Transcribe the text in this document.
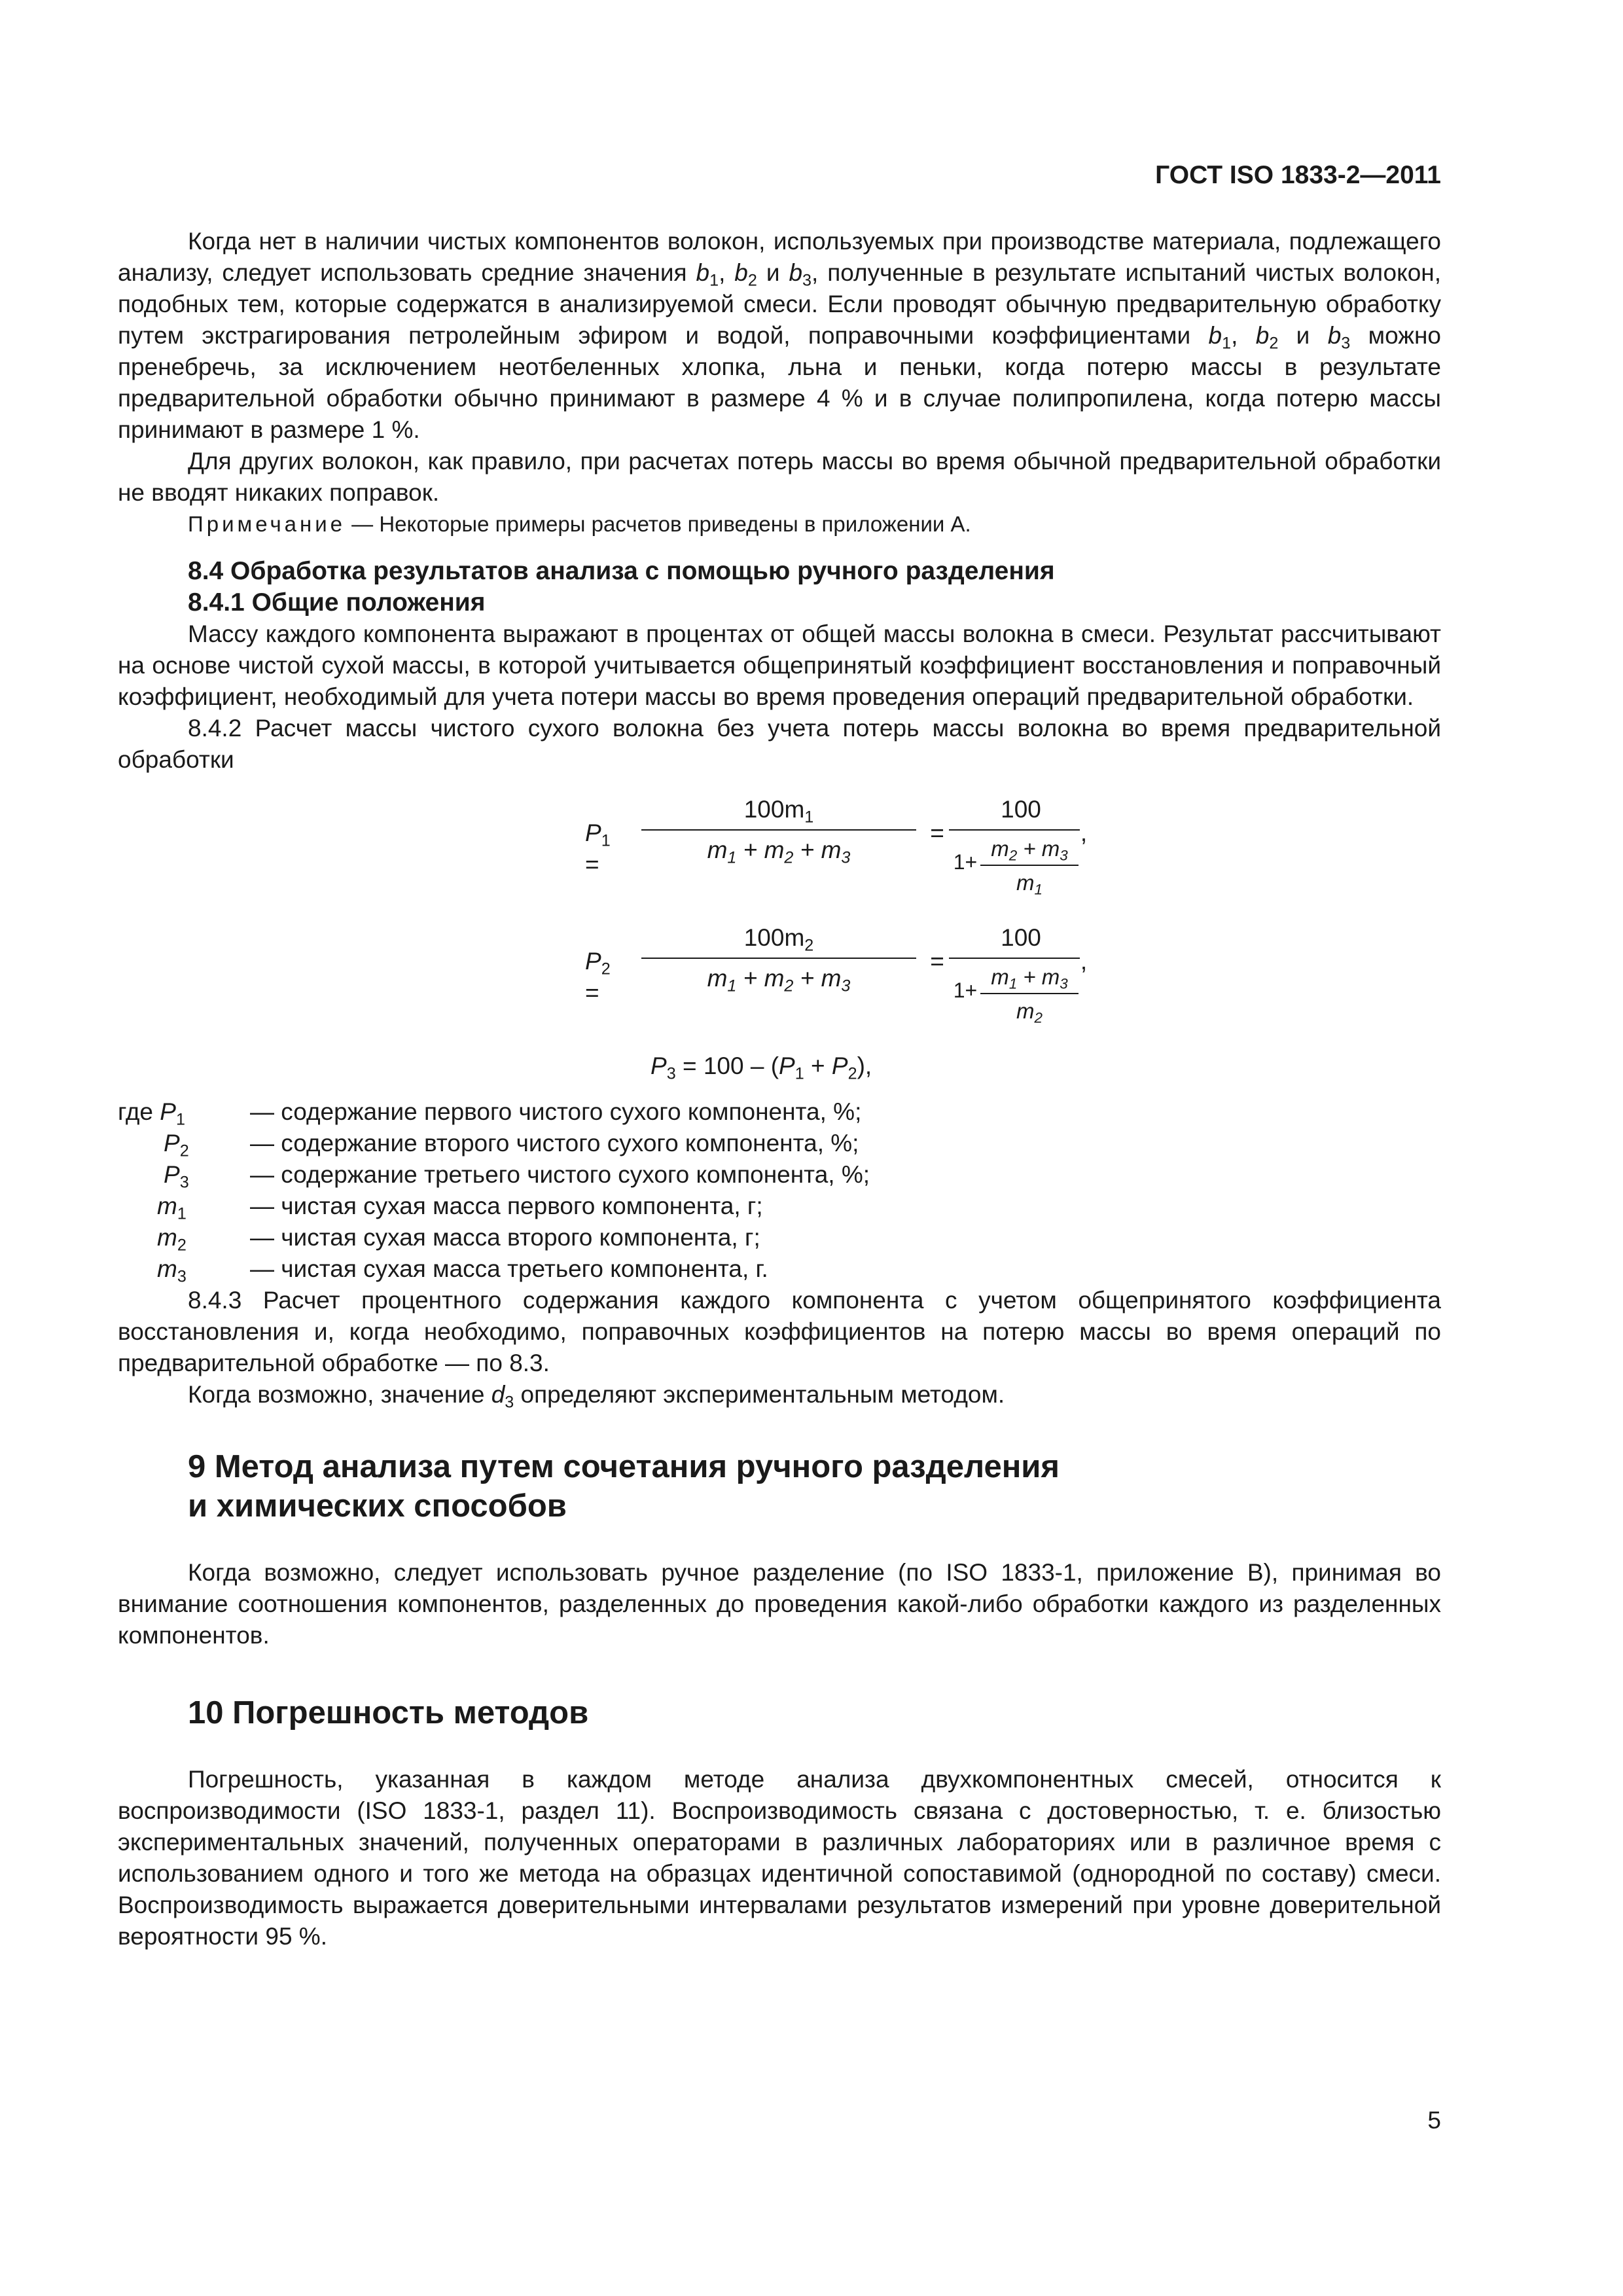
ГОСТ ISO 1833-2—2011

Когда нет в наличии чистых компонентов волокон, используемых при производстве материала, подлежащего анализу, следует использовать средние значения $b_1$, $b_2$ и $b_3$, полученные в результате испытаний чистых волокон, подобных тем, которые содержатся в анализируемой смеси. Если проводят обычную предварительную обработку путем экстрагирования петролейным эфиром и водой, поправочными коэффициентами $b_1$, $b_2$ и $b_3$ можно пренебречь, за исключением неотбеленных хлопка, льна и пеньки, когда потерю массы в результате предварительной обработки обычно принимают в размере 4 % и в случае полипропилена, когда потерю массы принимают в размере 1 %.

Для других волокон, как правило, при расчетах потерь массы во время обычной предварительной обработки не вводят никаких поправок.

Примечание — Некоторые примеры расчетов приведены в приложении А.

8.4 Обработка результатов анализа с помощью ручного разделения
8.4.1 Общие положения

Массу каждого компонента выражают в процентах от общей массы волокна в смеси. Результат рассчитывают на основе чистой сухой массы, в которой учитывается общепринятый коэффициент восстановления и поправочный коэффициент, необходимый для учета потери массы во время проведения операций предварительной обработки.

8.4.2 Расчет массы чистого сухого волокна без учета потерь массы волокна во время предварительной обработки

$P_1$ =
$100m_1$
$m_1 + m_2 + m_3$
=
100
1+
$m_2 + m_3$
$m_1$
,
$P_2$ =
$100m_2$
$m_1 + m_2 + m_3$
=
100
1+
$m_1 + m_3$
$m_2$
,
$P_3 = 100 - (P_1 + P_2)$,
где $P_1$	— содержание первого чистого сухого компонента, %;
$P_2$	— содержание второго чистого сухого компонента, %;
$P_3$	— содержание третьего чистого сухого компонента, %;
$m_1$	— чистая сухая масса первого компонента, г;
$m_2$	— чистая сухая масса второго компонента, г;
$m_3$	— чистая сухая масса третьего компонента, г.

8.4.3 Расчет процентного содержания каждого компонента с учетом общепринятого коэффициента восстановления и, когда необходимо, поправочных коэффициентов на потерю массы во время операций по предварительной обработке — по 8.3.

Когда возможно, значение $d_3$ определяют экспериментальным методом.

9 Метод анализа путем сочетания ручного разделения
и химических способов

Когда возможно, следует использовать ручное разделение (по ISO 1833-1, приложение В), принимая во внимание соотношения компонентов, разделенных до проведения какой-либо обработки каждого из разделенных компонентов.

10 Погрешность методов

Погрешность, указанная в каждом методе анализа двухкомпонентных смесей, относится к воспроизводимости (ISO 1833-1, раздел 11). Воспроизводимость связана с достоверностью, т. е. близостью экспериментальных значений, полученных операторами в различных лабораториях или в различное время с использованием одного и того же метода на образцах идентичной сопоставимой (однородной по составу) смеси. Воспроизводимость выражается доверительными интервалами результатов измерений при уровне доверительной вероятности 95 %.

5
